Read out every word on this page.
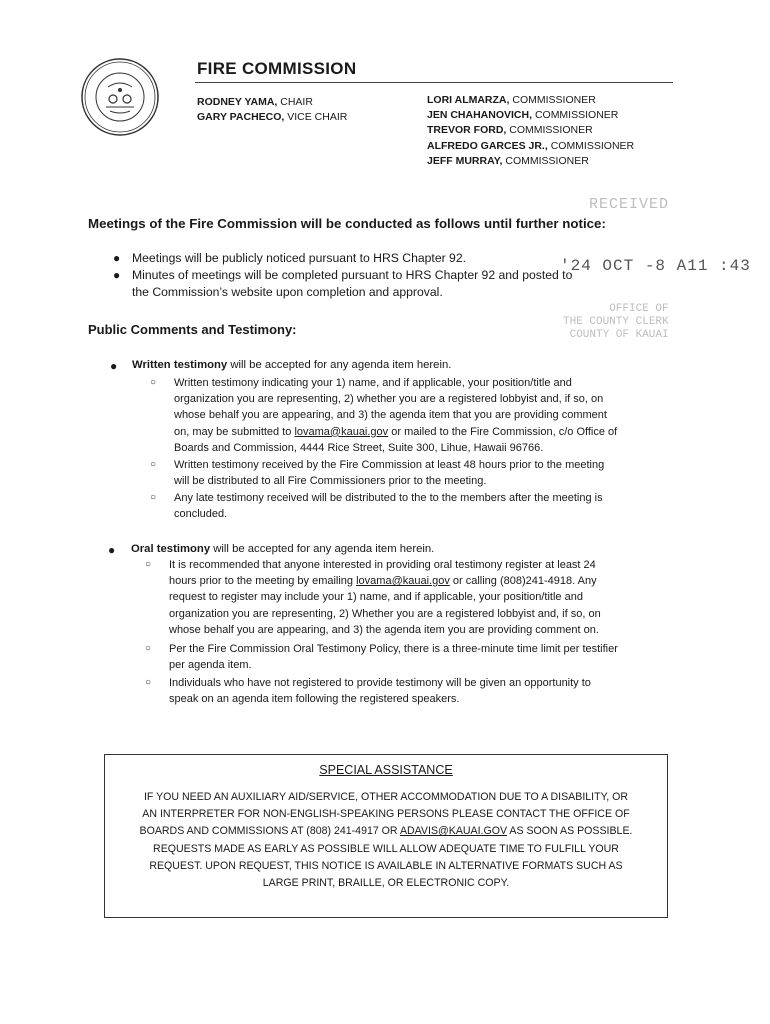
FIRE COMMISSION
RODNEY YAMA, CHAIR
GARY PACHECO, VICE CHAIR
LORI ALMARZA, COMMISSIONER
JEN CHAHANOVICH, COMMISSIONER
TREVOR FORD, COMMISSIONER
ALFREDO GARCES JR., COMMISSIONER
JEFF MURRAY, COMMISSIONER
RECEIVED
'24 OCT -8 A11 :43
OFFICE OF
THE COUNTY CLERK
COUNTY OF KAUAI
Meetings of the Fire Commission will be conducted as follows until further notice:
● Meetings will be publicly noticed pursuant to HRS Chapter 92.
● Minutes of meetings will be completed pursuant to HRS Chapter 92 and posted to
the Commission’s website upon completion and approval.
Public Comments and Testimony:
● Written testimony will be accepted for any agenda item herein.
○ Written testimony indicating your 1) name, and if applicable, your position/title and
organization you are representing, 2) whether you are a registered lobbyist and, if so, on
whose behalf you are appearing, and 3) the agenda item that you are providing comment
on, may be submitted to lovama@kauai.gov or mailed to the Fire Commission, c/o Office of
Boards and Commission, 4444 Rice Street, Suite 300, Lihue, Hawaii 96766.
○ Written testimony received by the Fire Commission at least 48 hours prior to the meeting
will be distributed to all Fire Commissioners prior to the meeting.
○ Any late testimony received will be distributed to the to the members after the meeting is
concluded.
● Oral testimony will be accepted for any agenda item herein.
○ It is recommended that anyone interested in providing oral testimony register at least 24
hours prior to the meeting by emailing lovama@kauai.gov or calling (808)241-4918. Any
request to register may include your 1) name, and if applicable, your position/title and
organization you are representing, 2) Whether you are a registered lobbyist and, if so, on
whose behalf you are appearing, and 3) the agenda item you are providing comment on.
○ Per the Fire Commission Oral Testimony Policy, there is a three-minute time limit per testifier
per agenda item.
○ Individuals who have not registered to provide testimony will be given an opportunity to
speak on an agenda item following the registered speakers.
SPECIAL ASSISTANCE
IF YOU NEED AN AUXILIARY AID/SERVICE, OTHER ACCOMMODATION DUE TO A DISABILITY, OR
AN INTERPRETER FOR NON-ENGLISH-SPEAKING PERSONS PLEASE CONTACT THE OFFICE OF
BOARDS AND COMMISSIONS AT (808) 241-4917 OR ADAVIS@KAUAI.GOV AS SOON AS POSSIBLE.
REQUESTS MADE AS EARLY AS POSSIBLE WILL ALLOW ADEQUATE TIME TO FULFILL YOUR
REQUEST. UPON REQUEST, THIS NOTICE IS AVAILABLE IN ALTERNATIVE FORMATS SUCH AS
LARGE PRINT, BRAILLE, OR ELECTRONIC COPY.
